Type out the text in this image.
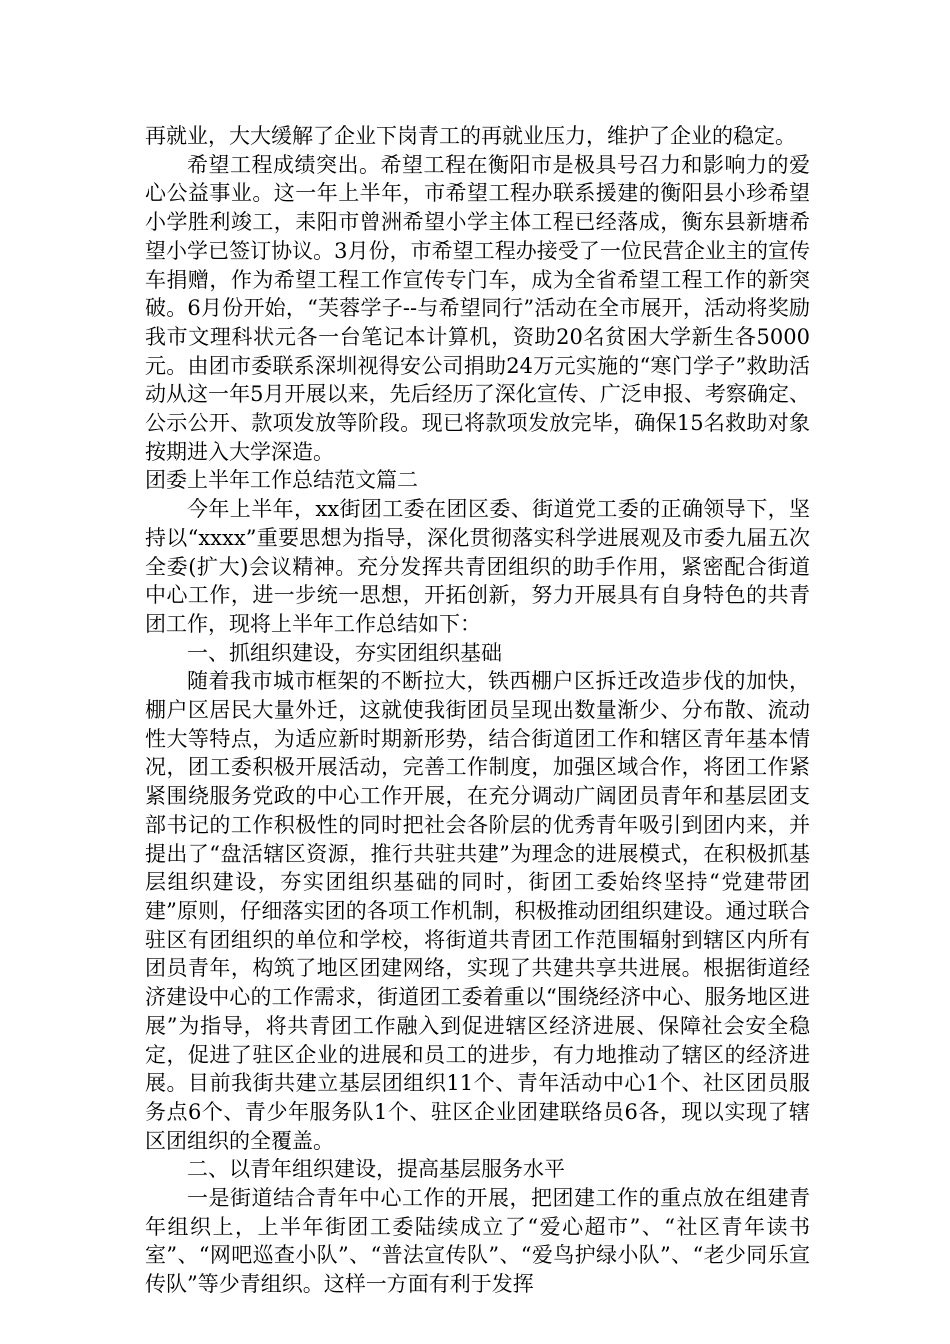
再就业，大大缓解了企业下岗青工的再就业压力，维护了企业的稳定。

希望工程成绩突出。希望工程在衡阳市是极具号召力和影响力的爱心公益事业。这一年上半年，市希望工程办联系援建的衡阳县小珍希望小学胜利竣工，耒阳市曾洲希望小学主体工程已经落成，衡东县新塘希望小学已签订协议。3月份，市希望工程办接受了一位民营企业主的宣传车捐赠，作为希望工程工作宣传专门车，成为全省希望工程工作的新突破。6月份开始，“芙蓉学子--与希望同行”活动在全市展开，活动将奖励我市文理科状元各一台笔记本计算机，资助20名贫困大学新生各5000元。由团市委联系深圳视得安公司捐助24万元实施的“寒门学子”救助活动从这一年5月开展以来，先后经历了深化宣传、广泛申报、考察确定、公示公开、款项发放等阶段。现已将款项发放完毕，确保15名救助对象按期进入大学深造。

团委上半年工作总结范文篇二

今年上半年，xx街团工委在团区委、街道党工委的正确领导下，坚持以“xxxx”重要思想为指导，深化贯彻落实科学进展观及市委九届五次全委(扩大)会议精神。充分发挥共青团组织的助手作用，紧密配合街道中心工作，进一步统一思想，开拓创新，努力开展具有自身特色的共青团工作，现将上半年工作总结如下：

一、抓组织建设，夯实团组织基础

随着我市城市框架的不断拉大，铁西棚户区拆迁改造步伐的加快，棚户区居民大量外迁，这就使我街团员呈现出数量渐少、分布散、流动性大等特点，为适应新时期新形势，结合街道团工作和辖区青年基本情况，团工委积极开展活动，完善工作制度，加强区域合作，将团工作紧紧围绕服务党政的中心工作开展，在充分调动广阔团员青年和基层团支部书记的工作积极性的同时把社会各阶层的优秀青年吸引到团内来，并提出了“盘活辖区资源，推行共驻共建”为理念的进展模式，在积极抓基层组织建设，夯实团组织基础的同时，街团工委始终坚持“党建带团建”原则，仔细落实团的各项工作机制，积极推动团组织建设。通过联合驻区有团组织的单位和学校，将街道共青团工作范围辐射到辖区内所有团员青年，构筑了地区团建网络，实现了共建共享共进展。根据街道经济建设中心的工作需求，街道团工委着重以“围绕经济中心、服务地区进展”为指导，将共青团工作融入到促进辖区经济进展、保障社会安全稳定，促进了驻区企业的进展和员工的进步，有力地推动了辖区的经济进展。目前我街共建立基层团组织11个、青年活动中心1个、社区团员服务点6个、青少年服务队1个、驻区企业团建联络员6各，现以实现了辖区团组织的全覆盖。

二、以青年组织建设，提高基层服务水平

一是街道结合青年中心工作的开展，把团建工作的重点放在组建青年组织上，上半年街团工委陆续成立了“爱心超市”、“社区青年读书室”、“网吧巡查小队”、“普法宣传队”、“爱鸟护绿小队”、“老少同乐宣传队”等少青组织。这样一方面有利于发挥
